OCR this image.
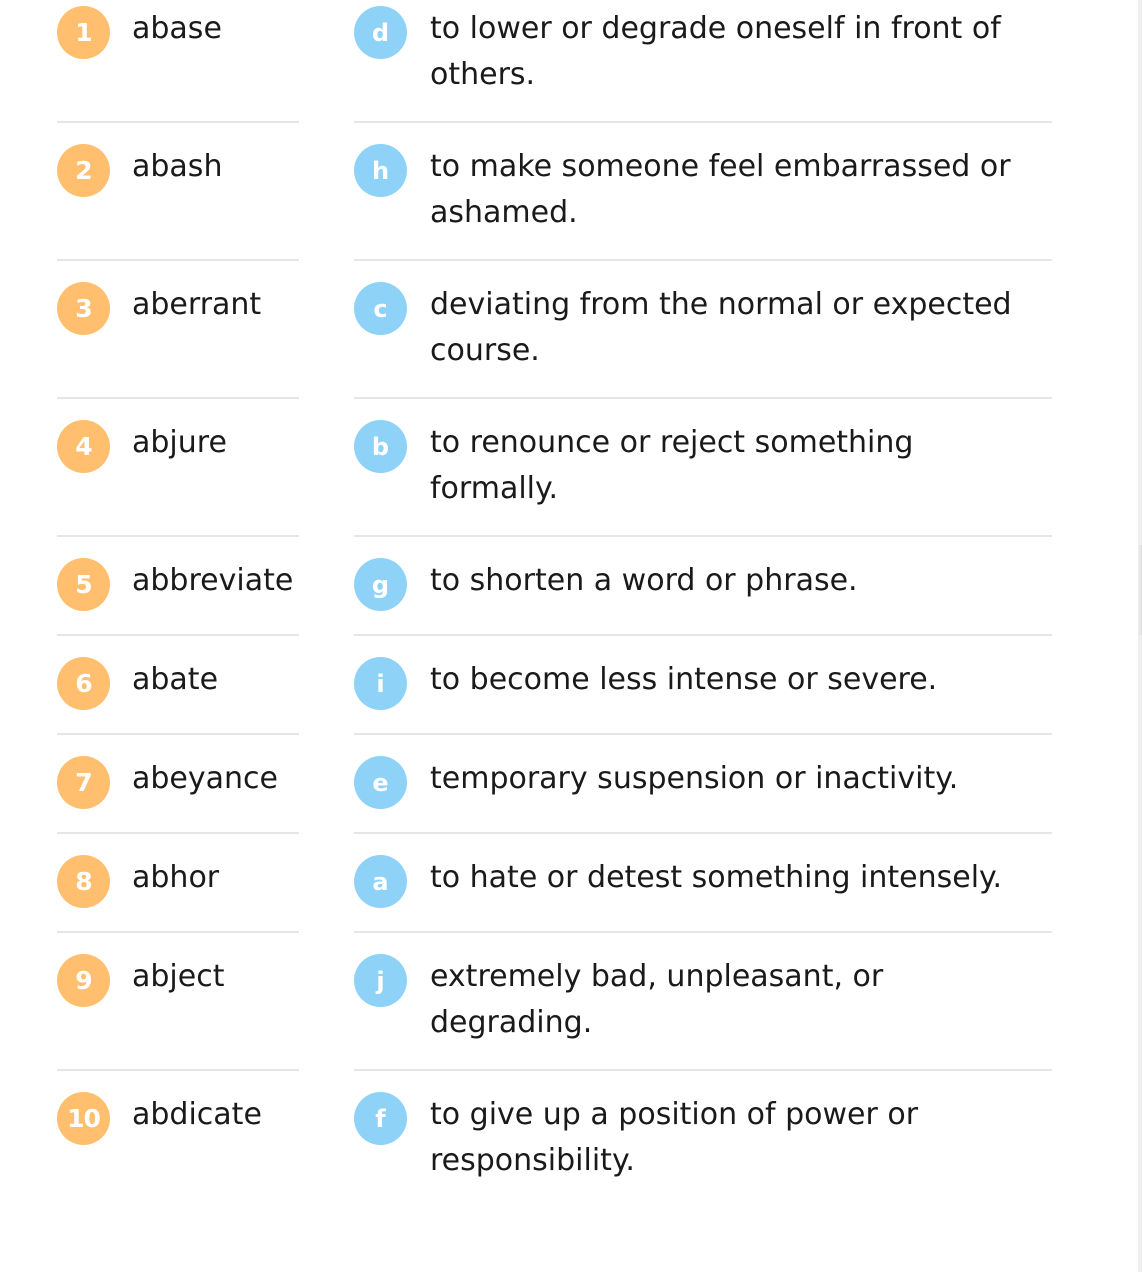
1	abase	d	to lower or degrade oneself in front of others.
2	abash	h	to make someone feel embarrassed or ashamed.
3	aberrant	c	deviating from the normal or expected course.
4	abjure	b	to renounce or reject something formally.
5	abbreviate	g	to shorten a word or phrase.
6	abate	i	to become less intense or severe.
7	abeyance	e	temporary suspension or inactivity.
8	abhor	a	to hate or detest something intensely.
9	abject	j	extremely bad, unpleasant, or degrading.
10	abdicate	f	to give up a position of power or responsibility.
